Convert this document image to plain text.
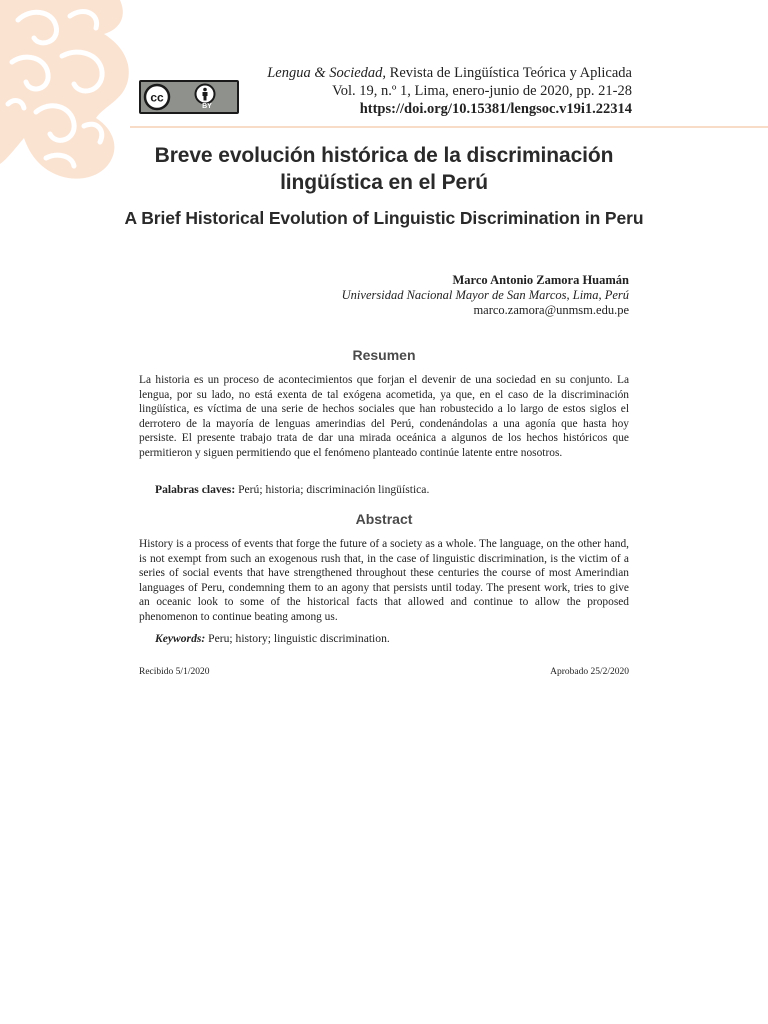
cc
BY
Lengua & Sociedad, Revista de Lingüística Teórica y Aplicada
Vol. 19, n.º 1, Lima, enero-junio de 2020, pp. 21-28
https://doi.org/10.15381/lengsoc.v19i1.22314
Breve evolución histórica de la discriminación lingüística en el Perú
A Brief Historical Evolution of Linguistic Discrimination in Peru
Marco Antonio Zamora Huamán
Universidad Nacional Mayor de San Marcos, Lima, Perú
marco.zamora@unmsm.edu.pe
Resumen

La historia es un proceso de acontecimientos que forjan el devenir de una sociedad en su conjunto. La lengua, por su lado, no está exenta de tal exógena acometida, ya que, en el caso de la discriminación lingüística, es víctima de una serie de hechos sociales que han robustecido a lo largo de estos siglos el derrotero de la mayoría de lenguas amerindias del Perú, condenándolas a una agonía que hasta hoy persiste. El presente trabajo trata de dar una mirada oceánica a algunos de los hechos históricos que permitieron y siguen permitiendo que el fenómeno planteado continúe latente entre nosotros.

Palabras claves: Perú; historia; discriminación lingüística.
Abstract

History is a process of events that forge the future of a society as a whole. The language, on the other hand, is not exempt from such an exogenous rush that, in the case of linguistic discrimination, is the victim of a series of social events that have strengthened throughout these centuries the course of most Amerindian languages of Peru, condemning them to an agony that persists until today. The present work, tries to give an oceanic look to some of the historical facts that allowed and continue to allow the proposed phenomenon to continue beating among us.

Keywords: Peru; history; linguistic discrimination.
Recibido 5/1/2020	Aprobado 25/2/2020
